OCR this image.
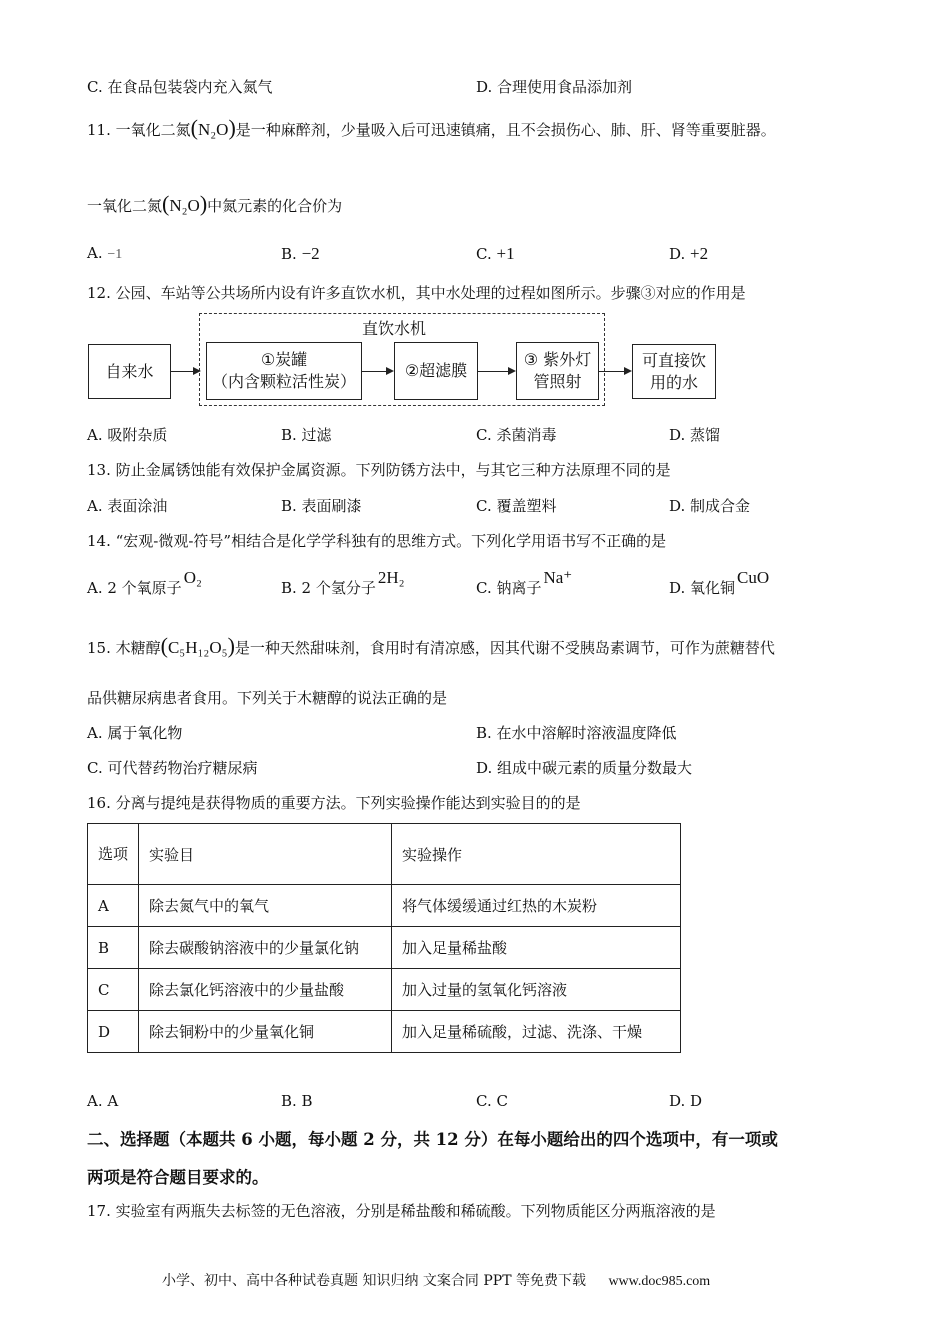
C. 在食品包装袋内充入氮气	D. 合理使用食品添加剂
11. 一氧化二氮(N₂O)是一种麻醉剂，少量吸入后可迅速镇痛，且不会损伤心、肺、肝、肾等重要脏器。
一氧化二氮(N₂O)中氮元素的化合价为
A. −1	B. −2	C. +1	D. +2
12. 公园、车站等公共场所内设有许多直饮水机，其中水处理的过程如图所示。步骤③对应的作用是
直饮水机
自来水
①炭罐
（内含颗粒活性炭）
②超滤膜
③ 紫外灯
管照射
可直接饮
用的水
A. 吸附杂质	B. 过滤	C. 杀菌消毒	D. 蒸馏
13. 防止金属锈蚀能有效保护金属资源。下列防锈方法中，与其它三种方法原理不同的是
A. 表面涂油	B. 表面刷漆	C. 覆盖塑料	D. 制成合金
14. “宏观-微观-符号”相结合是化学学科独有的思维方式。下列化学用语书写不正确的是
A. 2 个氧原子O₂
B. 2 个氢分子2H₂
C. 钠离子Na⁺
D. 氧化铜CuO
15. 木糖醇(C₅H₁₂O₅)是一种天然甜味剂，食用时有清凉感，因其代谢不受胰岛素调节，可作为蔗糖替代
品供糖尿病患者食用。下列关于木糖醇的说法正确的是
A. 属于氧化物	B. 在水中溶解时溶液温度降低
C. 可代替药物治疗糖尿病	D. 组成中碳元素的质量分数最大
16. 分离与提纯是获得物质的重要方法。下列实验操作能达到实验目的的是
选项	实验目	实验操作
A	除去氮气中的氧气	将气体缓缓通过红热的木炭粉
B	除去碳酸钠溶液中的少量氯化钠	加入足量稀盐酸
C	除去氯化钙溶液中的少量盐酸	加入过量的氢氧化钙溶液
D	除去铜粉中的少量氧化铜	加入足量稀硫酸，过滤、洗涤、干燥
A. A	B. B	C. C	D. D
二、选择题（本题共 6 小题，每小题 2 分，共 12 分）在每小题给出的四个选项中，有一项或
两项是符合题目要求的。
17. 实验室有两瓶失去标签的无色溶液，分别是稀盐酸和稀硫酸。下列物质能区分两瓶溶液的是
小学、初中、高中各种试卷真题 知识归纳 文案合同 PPT 等免费下载 www.doc985.com
